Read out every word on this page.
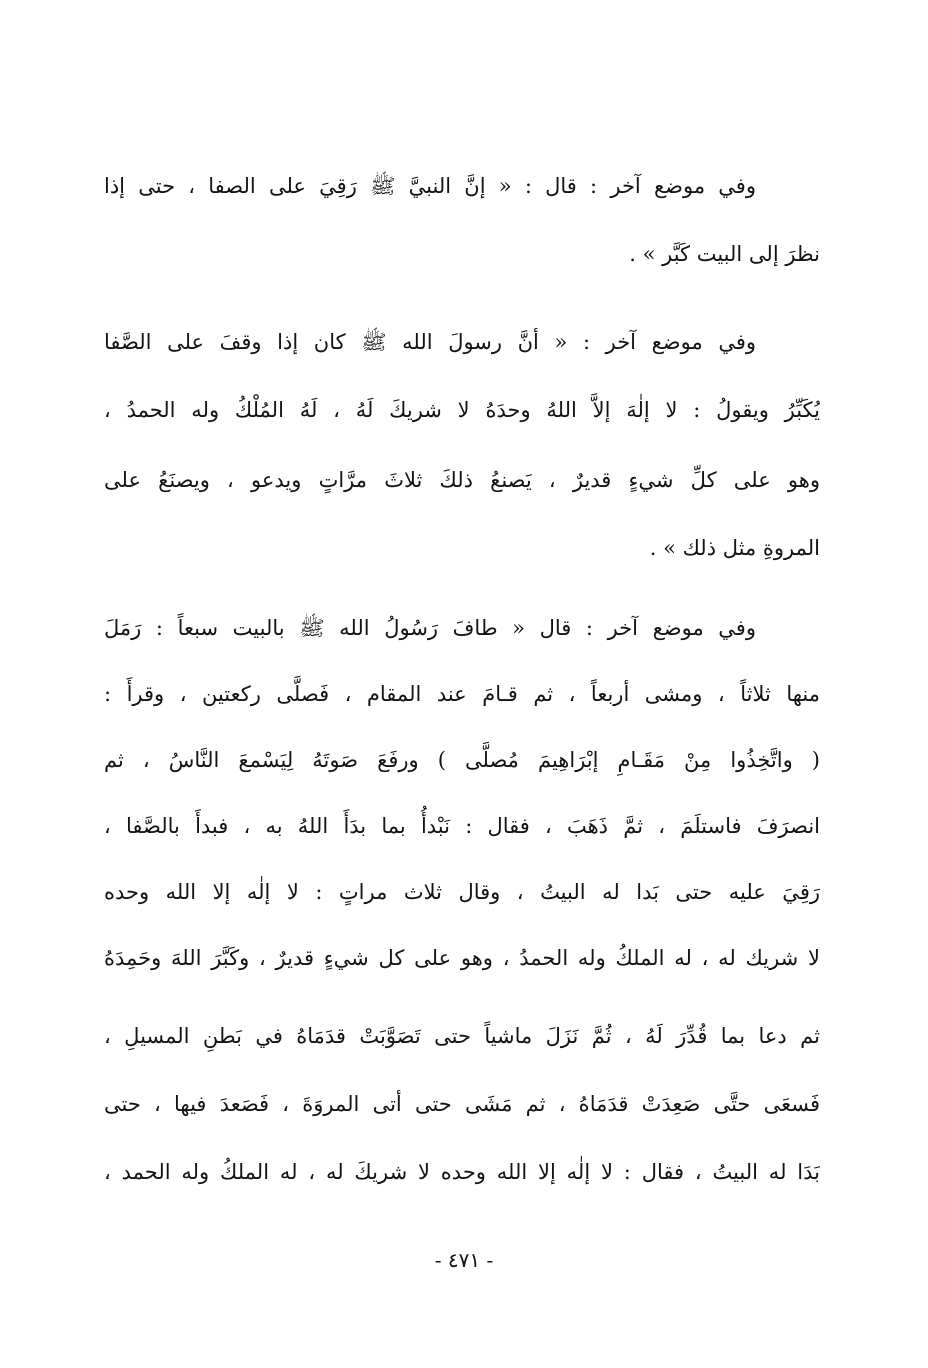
وفي موضع آخر : قال : « إنَّ النبيَّ ﷺ رَقِيَ على الصفا ، حتى إذا
نظرَ إلى البيت كَبَّر » .
وفي موضع آخر : « أنَّ رسولَ الله ﷺ كان إذا وقفَ على الصَّفا
يُكَبِّرُ ويقولُ : لا إلٰهَ إلاَّ اللهُ وحدَهُ لا شريكَ لَهُ ، لَهُ المُلْكُ وله الحمدُ ،
وهو على كلِّ شيءٍ قديرٌ ، يَصنعُ ذلكَ ثلاثَ مرَّاتٍ ويدعو ، ويصنَعُ على
المروةِ مثل ذلك » .
وفي موضع آخر : قال « طافَ رَسُولُ الله ﷺ بالبيت سبعاً : رَمَلَ
منها ثلاثاً ، ومشى أربعاً ، ثم قـامَ عند المقام ، فَصلَّى ركعتين ، وقرأَ :
( واتَّخِذُوا مِنْ مَقَـامِ إبْرَاهِيمَ مُصلَّى ) ورفَعَ صَوتَهُ لِيَسْمعَ النَّاسُ ، ثم
انصرَفَ فاستلَمَ ، ثمَّ ذَهَبَ ، فقال : نَبْدأُ بما بدَأَ اللهُ به ، فبدأَ بالصَّفا ،
رَقِيَ عليه حتى بَدا له البيتُ ، وقال ثلاث مراتٍ : لا إلٰه إلا الله وحده
لا شريك له ، له الملكُ وله الحمدُ ، وهو على كل شيءٍ قديرٌ ، وكَبَّرَ اللهَ وحَمِدَهُ
ثم دعا بما قُدِّرَ لَهُ ، ثُمَّ نَزَلَ ماشياً حتى تَصَوَّبَتْ قدَمَاهُ في بَطنِ المسيلِ ،
فَسعَى حتَّى صَعِدَتْ قدَمَاهُ ، ثم مَشَى حتى أتى المروَةَ ، فَصَعدَ فيها ، حتى
بَدَا له البيتُ ، فقال : لا إلٰه إلا الله وحده لا شريكَ له ، له الملكُ وله الحمد ،
- ٤٧١ -
